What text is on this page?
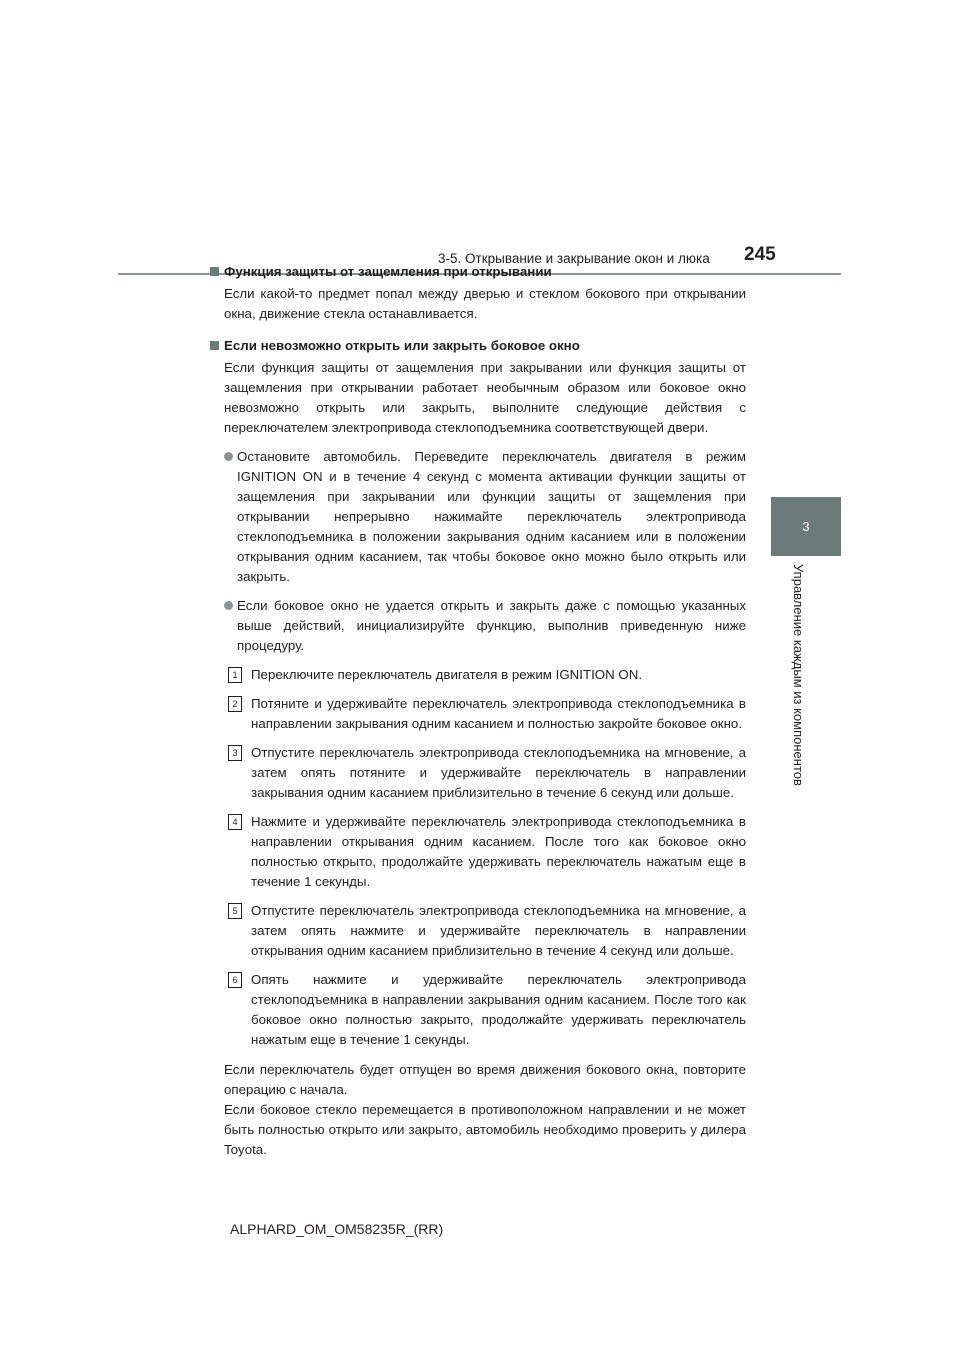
3-5. Открывание и закрывание окон и люка 245
3
Управление каждым из компонентов
Функция защиты от защемления при открывании
Если какой-то предмет попал между дверью и стеклом бокового при открывании окна, движение стекла останавливается.
Если невозможно открыть или закрыть боковое окно
Если функция защиты от защемления при закрывании или функция защиты от защемления при открывании работает необычным образом или боковое окно невозможно открыть или закрыть, выполните следующие действия с переключателем электропривода стеклоподъемника соответствующей двери.
Остановите автомобиль. Переведите переключатель двигателя в режим IGNITION ON и в течение 4 секунд с момента активации функции защиты от защемления при закрывании или функции защиты от защемления при открывании непрерывно нажимайте переключатель электропривода стеклоподъемника в положении закрывания одним касанием или в положении открывания одним касанием, так чтобы боковое окно можно было открыть или закрыть.
Если боковое окно не удается открыть и закрыть даже с помощью указанных выше действий, инициализируйте функцию, выполнив приведенную ниже процедуру.
1	Переключите переключатель двигателя в режим IGNITION ON.
2	Потяните и удерживайте переключатель электропривода стеклоподъемника в направлении закрывания одним касанием и полностью закройте боковое окно.
3	Отпустите переключатель электропривода стеклоподъемника на мгновение, а затем опять потяните и удерживайте переключатель в направлении закрывания одним касанием приблизительно в течение 6 секунд или дольше.
4	Нажмите и удерживайте переключатель электропривода стеклоподъемника в направлении открывания одним касанием. После того как боковое окно полностью открыто, продолжайте удерживать переключатель нажатым еще в течение 1 секунды.
5	Отпустите переключатель электропривода стеклоподъемника на мгновение, а затем опять нажмите и удерживайте переключатель в направлении открывания одним касанием приблизительно в течение 4 секунд или дольше.
6	Опять нажмите и удерживайте переключатель электропривода стеклоподъемника в направлении закрывания одним касанием. После того как боковое окно полностью закрыто, продолжайте удерживать переключатель нажатым еще в течение 1 секунды.
Если переключатель будет отпущен во время движения бокового окна, повторите операцию с начала.
Если боковое стекло перемещается в противоположном направлении и не может быть полностью открыто или закрыто, автомобиль необходимо проверить у дилера Toyota.
ALPHARD_OM_OM58235R_(RR)
